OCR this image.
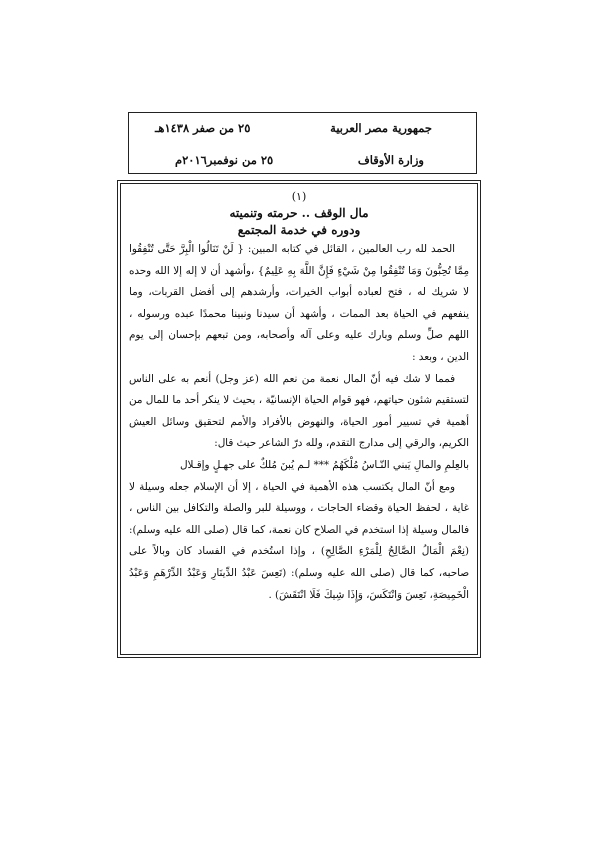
جمهورية مصر العربية
وزارة الأوقاف
٢٥ من صفر ١٤٣٨هـ
٢٥ من نوفمبر٢٠١٦م
(١)
مال الوقف .. حرمته وتنميته
ودوره في خدمة المجتمع

الحمد لله رب العالمين ، القائل في كتابه المبين: { لَنْ تَنَالُوا الْبِرَّ حَتَّى تُنْفِقُوا مِمَّا تُحِبُّونَ وَمَا تُنْفِقُوا مِنْ شَيْءٍ فَإِنَّ اللَّهَ بِهِ عَلِيمٌ} ،وأشهد أن لا إله إلا الله وحده لا شريك له ، فتح لعباده أبواب الخيرات، وأرشدهم إلى أفضل القربات، وما ينفعهم في الحياة بعد الممات ، وأشهد أن سيدنا ونبينا محمدًا عبده ورسوله ، اللهم صلِّ وسلم وبارك عليه وعلى آله وأصحابه، ومن تبعهم بإحسان إلى يوم الدين ، وبعد :

فمما لا شك فيه أنّ المال نعمة من نعم الله (عز وجل) أنعم به على الناس لتستقيم شئون حياتهم، فهو قوام الحياة الإنسانيّة ، بحيث لا ينكر أحد ما للمال من أهمية في تسيير أمور الحياة، والنهوض بالأفراد والأمم لتحقيق وسائل العيش الكريم، والرقي إلى مدارج التقدم، ولله درّ الشاعر حيث قال:

بالعِلمِ والمالِ يَبني النّـاسُ مُلْكَهُمُ *** لـم يُبنَ مُلكٌ على جهـلٍ وإقـلال

ومع أنّ المال يكتسب هذه الأهمية في الحياة ، إلا أن الإسلام جعله وسيلة لا غاية ، لحفظ الحياة وقضاء الحاجات ، ووسيلة للبر والصلة والتكافل بين الناس ، فالمال وسيلة إذا استخدم في الصلاح كان نعمة، كما قال (صلى الله عليه وسلم): (نِعْمَ الْمَالُ الصَّالِحُ لِلْمَرْءِ الصَّالِحِ) ، وإذا استُخدم في الفساد كان وبالاً على صاحبه، كما قال (صلى الله عليه وسلم): (تَعِسَ عَبْدُ الدِّينَارِ وَعَبْدُ الدِّرْهَمِ وَعَبْدُ الْخَمِيصَةِ، تَعِسَ وَانْتَكَسَ، وَإِذَا شِيكَ فَلَا انْتَقَشَ) .
